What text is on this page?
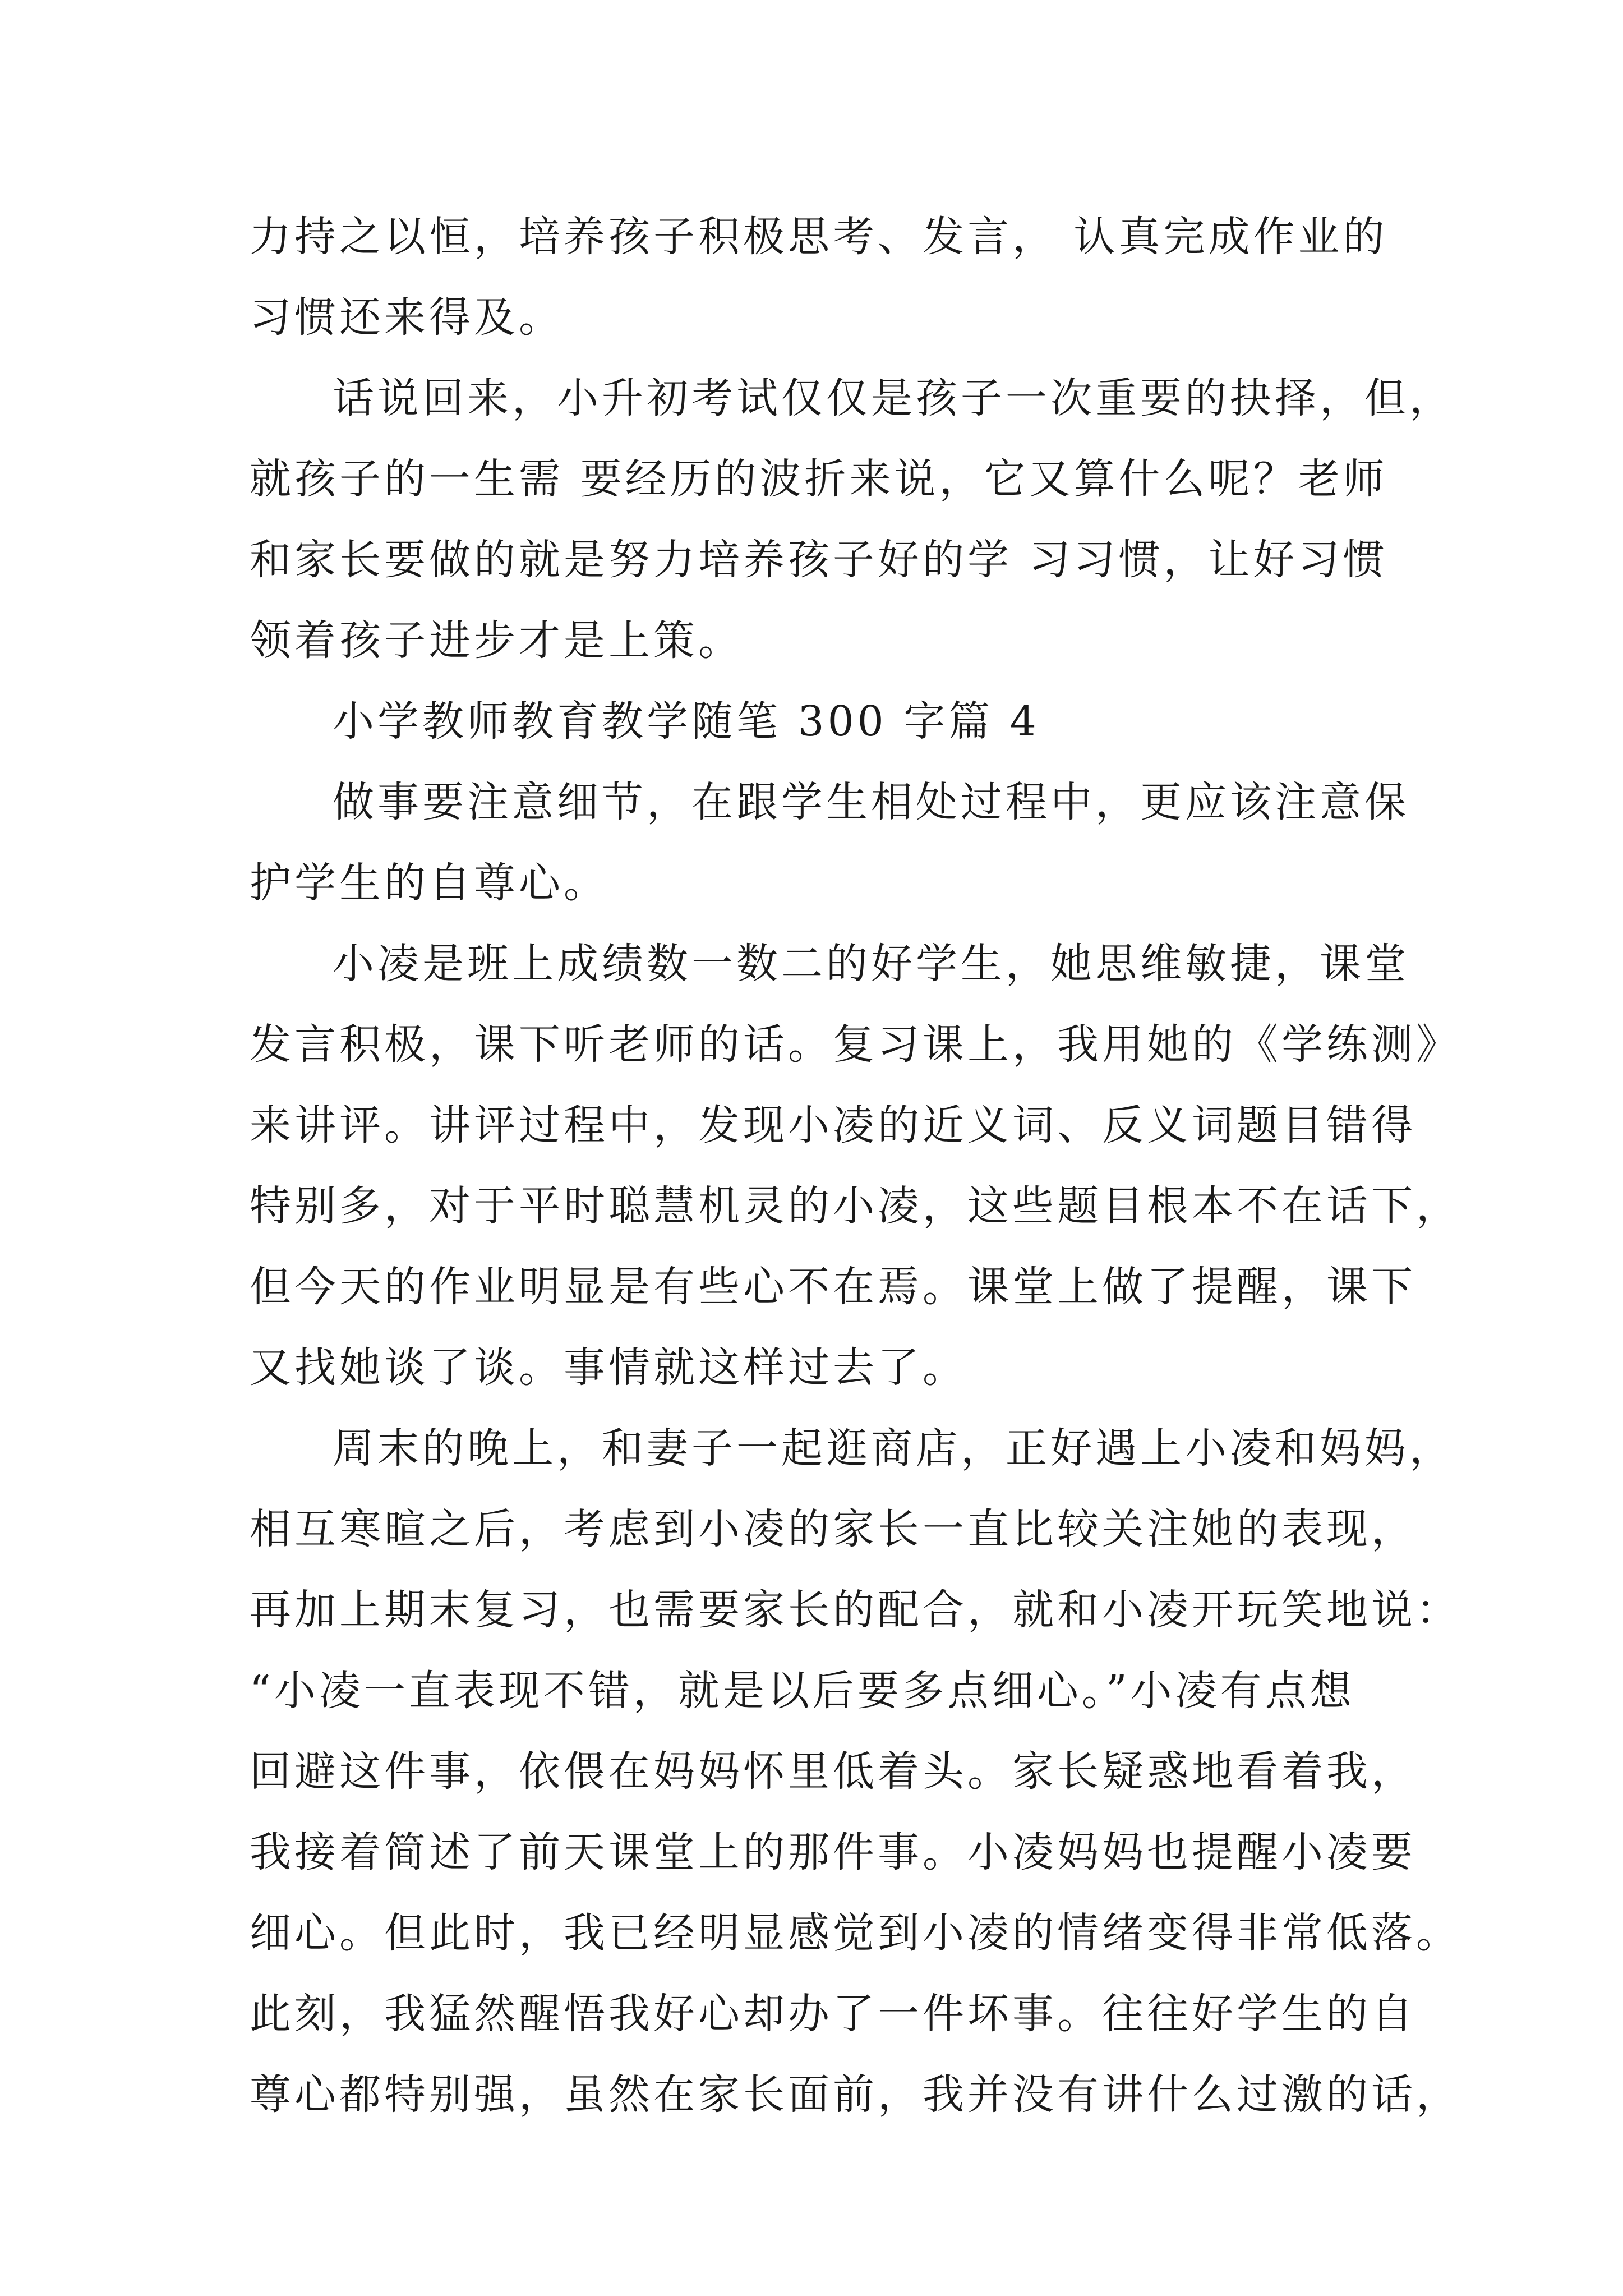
力持之以恒，培养孩子积极思考、发言， 认真完成作业的
习惯还来得及。
话说回来，小升初考试仅仅是孩子一次重要的抉择，但，
就孩子的一生需 要经历的波折来说，它又算什么呢？老师
和家长要做的就是努力培养孩子好的学 习习惯，让好习惯
领着孩子进步才是上策。
小学教师教育教学随笔 300 字篇 4
做事要注意细节，在跟学生相处过程中，更应该注意保
护学生的自尊心。
小凌是班上成绩数一数二的好学生，她思维敏捷，课堂
发言积极，课下听老师的话。复习课上，我用她的《学练测》
来讲评。讲评过程中，发现小凌的近义词、反义词题目错得
特别多，对于平时聪慧机灵的小凌，这些题目根本不在话下，
但今天的作业明显是有些心不在焉。课堂上做了提醒，课下
又找她谈了谈。事情就这样过去了。
周末的晚上，和妻子一起逛商店，正好遇上小凌和妈妈，
相互寒暄之后，考虑到小凌的家长一直比较关注她的表现，
再加上期末复习，也需要家长的配合，就和小凌开玩笑地说：
“小凌一直表现不错，就是以后要多点细心。”小凌有点想
回避这件事，依偎在妈妈怀里低着头。家长疑惑地看着我，
我接着简述了前天课堂上的那件事。小凌妈妈也提醒小凌要
细心。但此时，我已经明显感觉到小凌的情绪变得非常低落。
此刻，我猛然醒悟我好心却办了一件坏事。往往好学生的自
尊心都特别强，虽然在家长面前，我并没有讲什么过激的话，
